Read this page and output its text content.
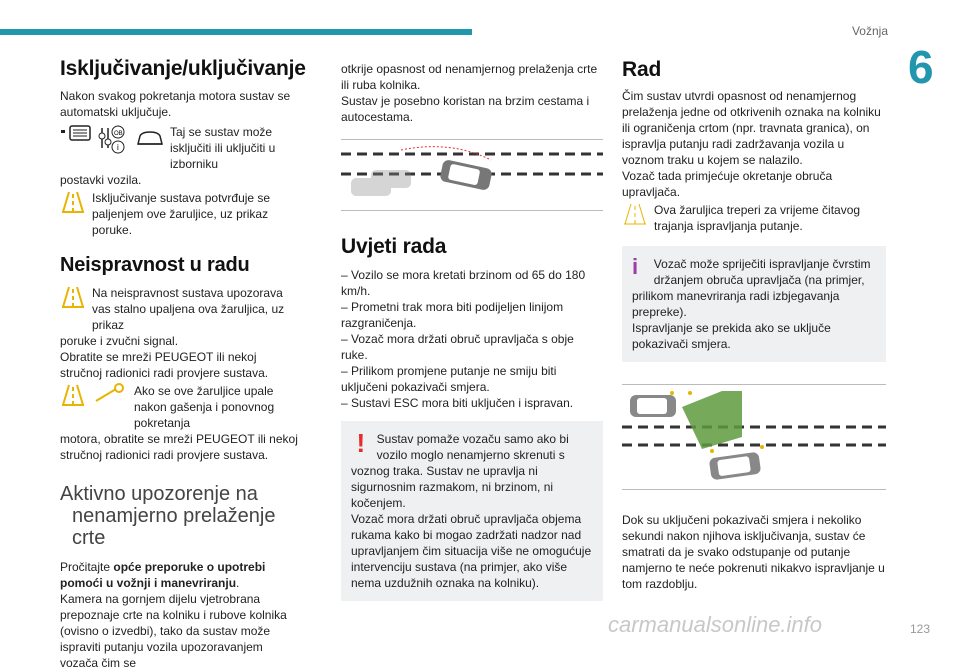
Vožnja
6
Isključivanje/uključivanje

Nakon svakog pokretanja motora sustav se automatski uključuje.

OB
i

Taj se sustav može isključiti ili uključiti u izborniku

postavki vozila.

Isključivanje sustava potvrđuje se paljenjem ove žaruljice, uz prikaz poruke.

Neispravnost u radu

Na neispravnost sustava upozorava vas stalno upaljena ova žaruljica, uz prikaz

poruke i zvučni signal.

Obratite se mreži PEUGEOT ili nekoj stručnoj radionici radi provjere sustava.

Ako se ove žaruljice upale nakon gašenja i ponovnog pokretanja

motora, obratite se mreži PEUGEOT ili nekoj stručnoj radionici radi provjere sustava.

Aktivno upozorenje na
nenamjerno prelaženje
crte

Pročitajte opće preporuke o upotrebi pomoći u vožnji i manevriranju.

Kamera na gornjem dijelu vjetrobrana prepoznaje crte na kolniku i rubove kolnika (ovisno o izvedbi), tako da sustav može ispraviti putanju vozila upozoravanjem vozača čim se

otkrije opasnost od nenamjernog prelaženja crte ili ruba kolnika.

Sustav je posebno koristan na brzim cestama i autocestama.

Uvjeti rada

– Vozilo se mora kretati brzinom od 65 do 180 km/h.

– Prometni trak mora biti podijeljen linijom razgraničenja.

– Vozač mora držati obruč upravljača s obje ruke.

– Prilikom promjene putanje ne smiju biti uključeni pokazivači smjera.

– Sustavi ESC mora biti uključen i ispravan.

! Sustav pomaže vozaču samo ako bi vozilo moglo nenamjerno skrenuti s

voznog traka. Sustav ne upravlja ni sigurnosnim razmakom, ni brzinom, ni kočenjem.

Vozač mora držati obruč upravljača objema rukama kako bi mogao zadržati nadzor nad upravljanjem čim situacija više ne omogućuje intervenciju sustava (na primjer, ako više nema uzdužnih oznaka na kolniku).

Rad

Čim sustav utvrdi opasnost od nenamjernog prelaženja jedne od otkrivenih oznaka na kolniku ili ograničenja crtom (npr. travnata granica), on ispravlja putanju radi zadržavanja vozila u voznom traku u kojem se nalazilo.

Vozač tada primjećuje okretanje obruča upravljača.

Ova žaruljica treperi za vrijeme čitavog trajanja ispravljanja putanje.

i	Vozač može spriječiti ispravljanje čvrstim držanjem obruča upravljača (na primjer,

prilikom manevriranja radi izbjegavanja prepreke).

Ispravljanje se prekida ako se uključe pokazivači smjera.

Dok su uključeni pokazivači smjera i nekoliko sekundi nakon njihova isključivanja, sustav će smatrati da je svako odstupanje od putanje namjerno te neće pokrenuti nikakvo ispravljanje u tom razdoblju.

carmanualsonline.info	123
